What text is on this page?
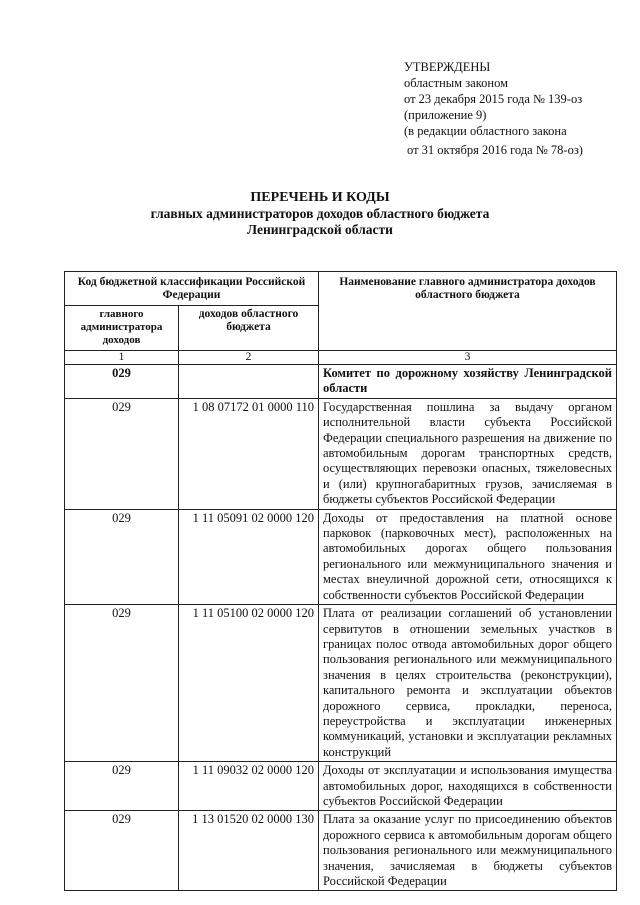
УТВЕРЖДЕНЫ
областным законом
от 23 декабря 2015 года № 139-оз
(приложение 9)
(в редакции областного закона
от 31 октября 2016 года № 78-оз)
ПЕРЕЧЕНЬ И КОДЫ
главных администраторов доходов областного бюджета
Ленинградской области
Код бюджетной классификации Российской Федерации		Наименование главного администратора доходов областного бюджета
главного администратора доходов	доходов областного бюджета	
1	2	3
029		Комитет по дорожному хозяйству Ленинградской области
029	1 08 07172 01 0000 110	Государственная пошлина за выдачу органом исполнительной власти субъекта Российской Федерации специального разрешения на движение по автомобильным дорогам транспортных средств, осуществляющих перевозки опасных, тяжеловесных и (или) крупногабаритных грузов, зачисляемая в бюджеты субъектов Российской Федерации
029	1 11 05091 02 0000 120	Доходы от предоставления на платной основе парковок (парковочных мест), расположенных на автомобильных дорогах общего пользования регионального или межмуниципального значения и местах внеуличной дорожной сети, относящихся к собственности субъектов Российской Федерации
029	1 11 05100 02 0000 120	Плата от реализации соглашений об установлении сервитутов в отношении земельных участков в границах полос отвода автомобильных дорог общего пользования регионального или межмуниципального значения в целях строительства (реконструкции), капитального ремонта и эксплуатации объектов дорожного сервиса, прокладки, переноса, переустройства и эксплуатации инженерных коммуникаций, установки и эксплуатации рекламных конструкций
029	1 11 09032 02 0000 120	Доходы от эксплуатации и использования имущества автомобильных дорог, находящихся в собственности субъектов Российской Федерации
029	1 13 01520 02 0000 130	Плата за оказание услуг по присоединению объектов дорожного сервиса к автомобильным дорогам общего пользования регионального или межмуниципального значения, зачисляемая в бюджеты субъектов Российской Федерации
